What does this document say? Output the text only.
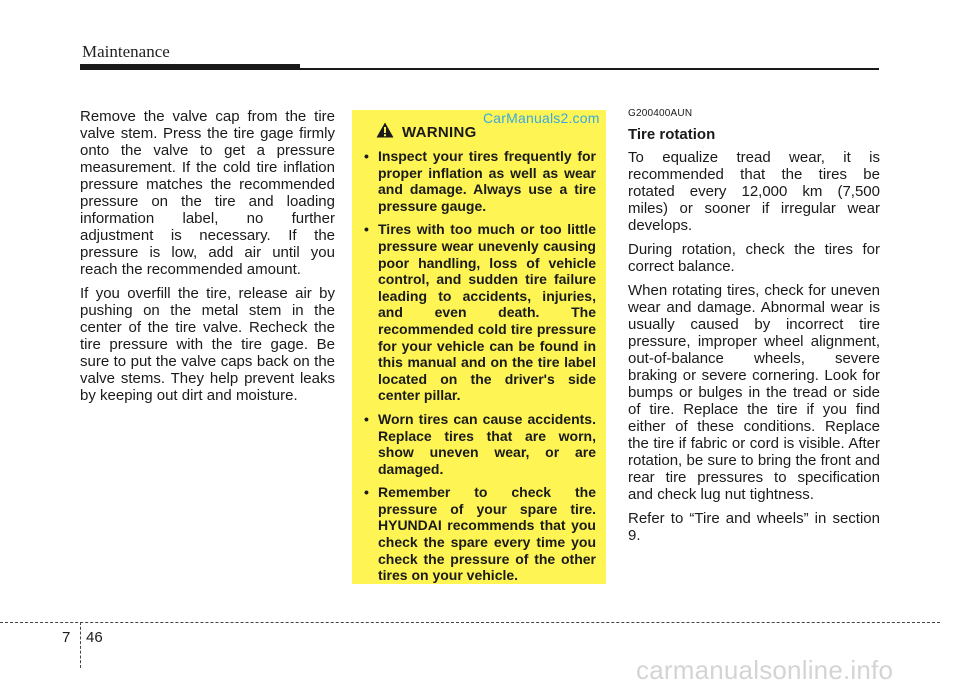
Maintenance

Remove the valve cap from the tire valve stem. Press the tire gage firmly onto the valve to get a pressure measurement. If the cold tire inflation pressure matches the recommended pressure on the tire and loading information label, no further adjustment is necessary. If the pressure is low, add air until you reach the recommended amount.

If you overfill the tire, release air by pushing on the metal stem in the center of the tire valve. Recheck the tire pressure with the tire gage. Be sure to put the valve caps back on the valve stems. They help prevent leaks by keeping out dirt and moisture.

WARNING
• Inspect your tires frequently for proper inflation as well as wear and damage. Always use a tire pressure gauge.
• Tires with too much or too little pressure wear unevenly causing poor handling, loss of vehicle control, and sudden tire failure leading to accidents, injuries, and even death. The recommended cold tire pressure for your vehicle can be found in this manual and on the tire label located on the driver's side center pillar.
• Worn tires can cause accidents. Replace tires that are worn, show uneven wear, or are damaged.
• Remember to check the pressure of your spare tire. HYUNDAI recommends that you check the spare every time you check the pressure of the other tires on your vehicle.
CarManuals2.com	G200400AUN
Tire rotation

To equalize tread wear, it is recommended that the tires be rotated every 12,000 km (7,500 miles) or sooner if irregular wear develops.

During rotation, check the tires for correct balance.

When rotating tires, check for uneven wear and damage. Abnormal wear is usually caused by incorrect tire pressure, improper wheel alignment, out-of-balance wheels, severe braking or severe cornering. Look for bumps or bulges in the tread or side of tire. Replace the tire if you find either of these conditions. Replace the tire if fabric or cord is visible. After rotation, be sure to bring the front and rear tire pressures to specification and check lug nut tightness.

Refer to “Tire and wheels” in section 9.

7 46
carmanualsonline.info
